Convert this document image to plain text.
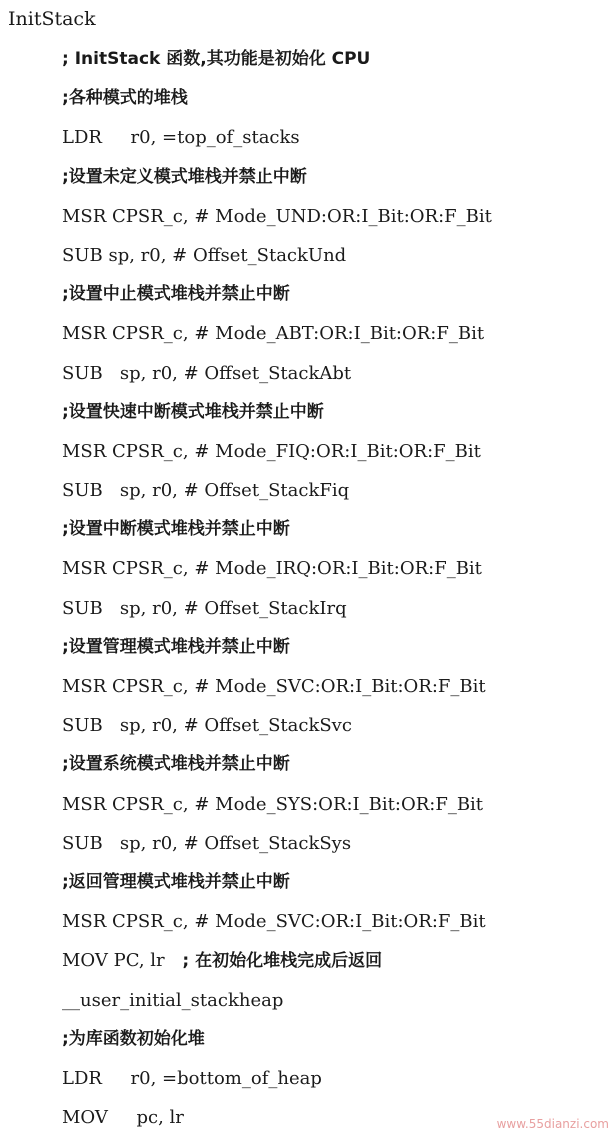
InitStack
; InitStack 函数,其功能是初始化 CPU
;各种模式的堆栈
LDR     r0, =top_of_stacks
;设置未定义模式堆栈并禁止中断
MSR CPSR_c, # Mode_UND:OR:I_Bit:OR:F_Bit
SUB sp, r0, # Offset_StackUnd
;设置中止模式堆栈并禁止中断
MSR CPSR_c, # Mode_ABT:OR:I_Bit:OR:F_Bit
SUB   sp, r0, # Offset_StackAbt
;设置快速中断模式堆栈并禁止中断
MSR CPSR_c, # Mode_FIQ:OR:I_Bit:OR:F_Bit
SUB   sp, r0, # Offset_StackFiq
;设置中断模式堆栈并禁止中断
MSR CPSR_c, # Mode_IRQ:OR:I_Bit:OR:F_Bit
SUB   sp, r0, # Offset_StackIrq
;设置管理模式堆栈并禁止中断
MSR CPSR_c, # Mode_SVC:OR:I_Bit:OR:F_Bit
SUB   sp, r0, # Offset_StackSvc
;设置系统模式堆栈并禁止中断
MSR CPSR_c, # Mode_SYS:OR:I_Bit:OR:F_Bit
SUB   sp, r0, # Offset_StackSys
;返回管理模式堆栈并禁止中断
MSR CPSR_c, # Mode_SVC:OR:I_Bit:OR:F_Bit
MOV PC, lr   ; 在初始化堆栈完成后返回
__user_initial_stackheap
;为库函数初始化堆
LDR     r0, =bottom_of_heap
MOV     pc, lr	www.55dianzi.com
